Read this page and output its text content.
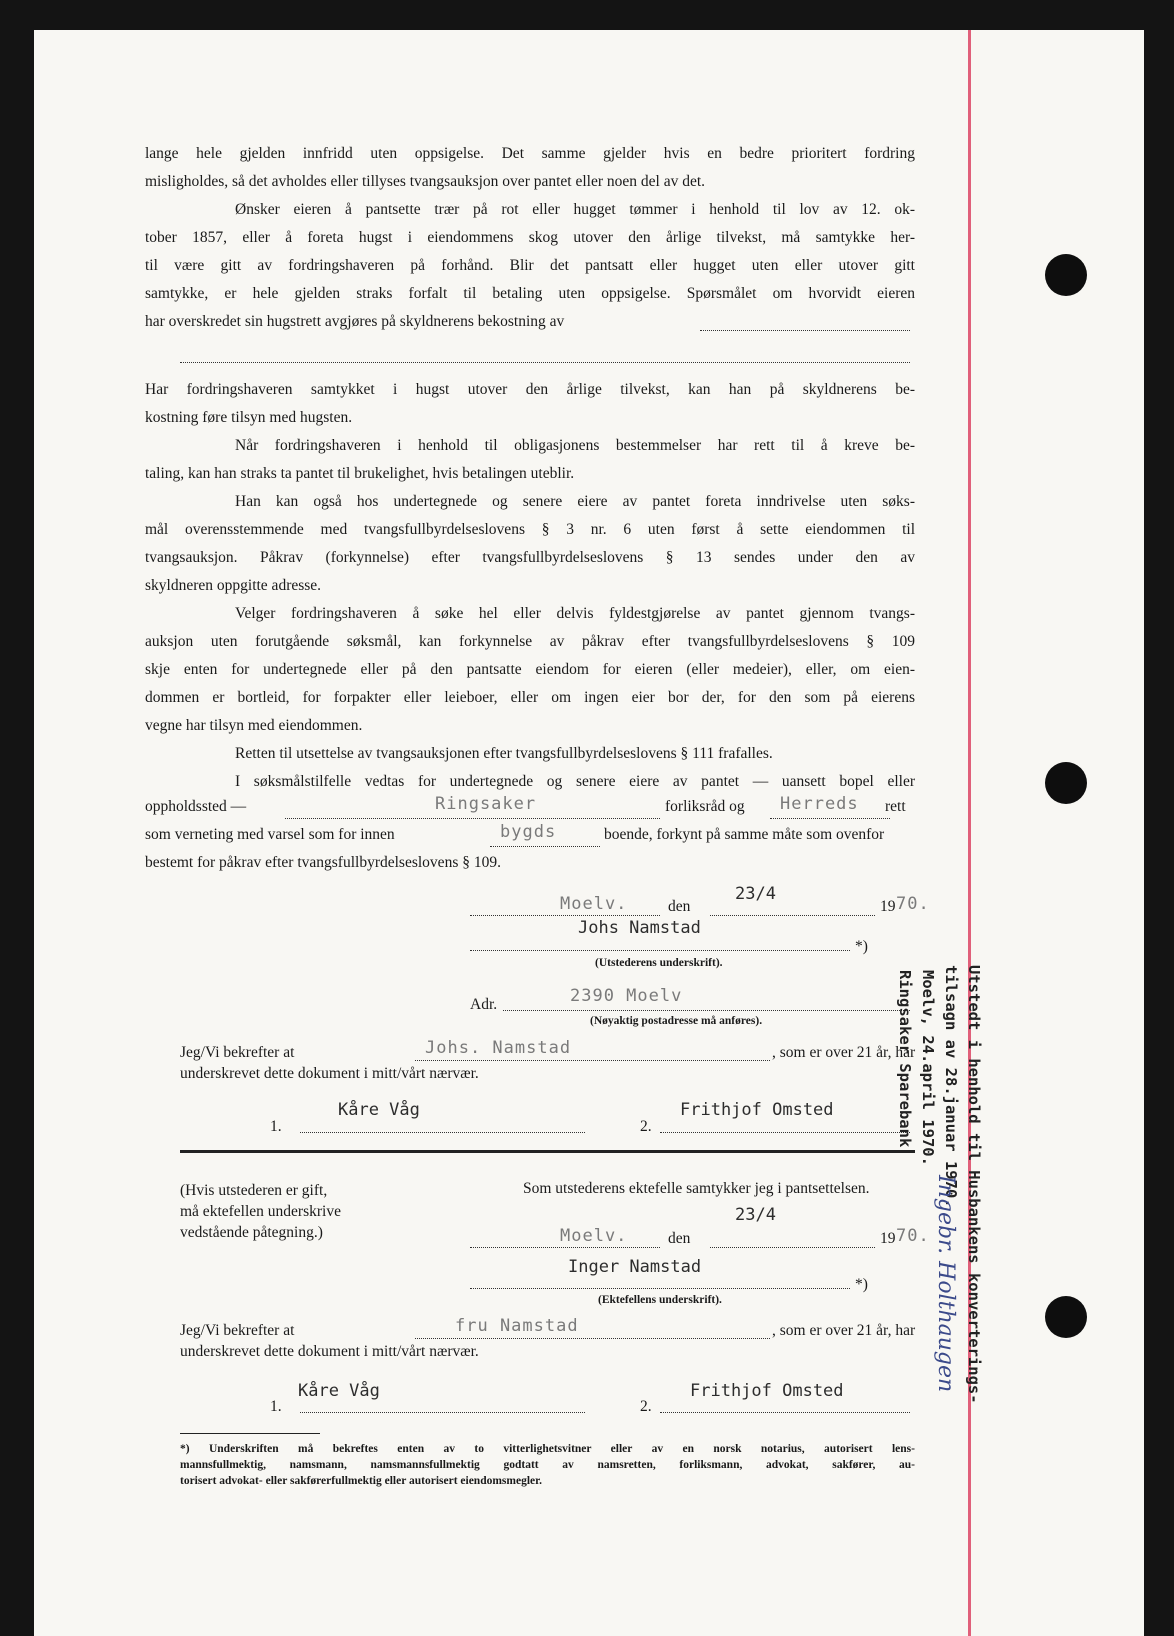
lange hele gjelden innfridd uten oppsigelse. Det samme gjelder hvis en bedre prioritert fordring
misligholdes, så det avholdes eller tillyses tvangsauksjon over pantet eller noen del av det.
Ønsker eieren å pantsette trær på rot eller hugget tømmer i henhold til lov av 12. ok-
tober 1857, eller å foreta hugst i eiendommens skog utover den årlige tilvekst, må samtykke her-
til være gitt av fordringshaveren på forhånd. Blir det pantsatt eller hugget uten eller utover gitt
samtykke, er hele gjelden straks forfalt til betaling uten oppsigelse. Spørsmålet om hvorvidt eieren
har overskredet sin hugstrett avgjøres på skyldnerens bekostning av
Har fordringshaveren samtykket i hugst utover den årlige tilvekst, kan han på skyldnerens be-
kostning føre tilsyn med hugsten.
Når fordringshaveren i henhold til obligasjonens bestemmelser har rett til å kreve be-
taling, kan han straks ta pantet til brukelighet, hvis betalingen uteblir.
Han kan også hos undertegnede og senere eiere av pantet foreta inndrivelse uten søks-
mål overensstemmende med tvangsfullbyrdelseslovens § 3 nr. 6 uten først å sette eiendommen til
tvangsauksjon. Påkrav (forkynnelse) efter tvangsfullbyrdelseslovens § 13 sendes under den av
skyldneren oppgitte adresse.
Velger fordringshaveren å søke hel eller delvis fyldestgjørelse av pantet gjennom tvangs-
auksjon uten forutgående søksmål, kan forkynnelse av påkrav efter tvangsfullbyrdelseslovens § 109
skje enten for undertegnede eller på den pantsatte eiendom for eieren (eller medeier), eller, om eien-
dommen er bortleid, for forpakter eller leieboer, eller om ingen eier bor der, for den som på eierens
vegne har tilsyn med eiendommen.
Retten til utsettelse av tvangsauksjonen efter tvangsfullbyrdelseslovens § 111 frafalles.
I søksmålstilfelle vedtas for undertegnede og senere eiere av pantet — uansett bopel eller
oppholdssted —	Ringsaker	forliksråd og Herreds rett
som verneting med varsel som for innen	bygds	boende, forkynt på samme måte som ovenfor
bestemt for påkrav efter tvangsfullbyrdelseslovens § 109.
Moelv.	den
23/4
19 70.
Johs Namstad
*)
(Utstederens underskrift).
Adr.	2390 Moelv
(Nøyaktig postadresse må anføres).
Jeg/Vi bekrefter at	Johs. Namstad	, som er over 21 år, har
underskrevet dette dokument i mitt/vårt nærvær.
1.
Kåre Våg
2.
Frithjof Omsted
(Hvis utstederen er gift,
må ektefellen underskrive
vedstående påtegning.)
Som utstederens ektefelle samtykker jeg i pantsettelsen.
23/4
Moelv.	den	19 70.
Inger Namstad
*)
(Ektefellens underskrift).
Jeg/Vi bekrefter at	fru Namstad	, som er over 21 år, har
underskrevet dette dokument i mitt/vårt nærvær.
1.
Kåre Våg
2.
Frithjof Omsted
*) Underskriften må bekreftes enten av to vitterlighetsvitner eller av en norsk notarius, autorisert lens-
mannsfullmektig, namsmann, namsmannsfullmektig godtatt av namsretten, forliksmann, advokat, sakfører, au-
torisert advokat- eller sakførerfullmektig eller autorisert eiendomsmegler.
Utstedt i henhold til Husbankens konverterings-
tilsagn av 28.januar 1970.
Moelv, 24.april 1970.
Ringsaker Sparebank
Ingebr. Holthaugen
